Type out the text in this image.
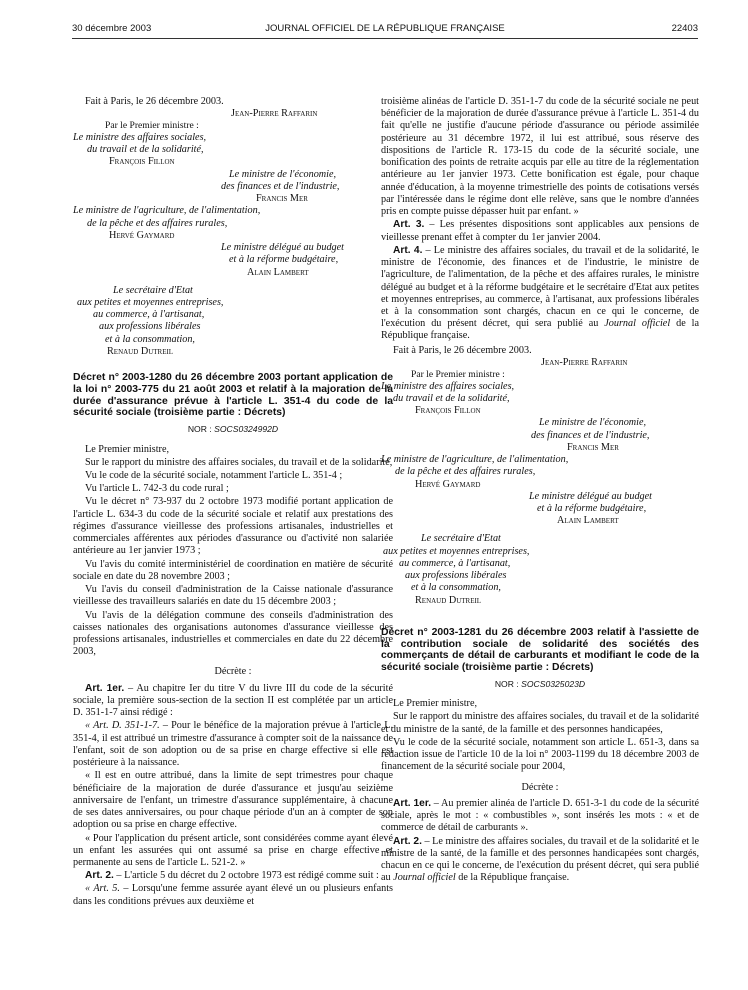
30 décembre 2003	JOURNAL OFFICIEL DE LA RÉPUBLIQUE FRANÇAISE	22403

Fait à Paris, le 26 décembre 2003.

Jean-Pierre Raffarin

Par le Premier ministre :

Le ministre des affaires sociales,

du travail et de la solidarité,

François Fillon

Le ministre de l'économie,

des finances et de l'industrie,

Francis Mer

Le ministre de l'agriculture, de l'alimentation,

de la pêche et des affaires rurales,

Hervé Gaymard

Le ministre délégué au budget

et à la réforme budgétaire,

Alain Lambert

Le secrétaire d'Etat

aux petites et moyennes entreprises,

au commerce, à l'artisanat,

aux professions libérales

et à la consommation,

Renaud Dutreil

Décret n° 2003-1280 du 26 décembre 2003 portant application de la loi n° 2003-775 du 21 août 2003 et relatif à la majoration de la durée d'assurance prévue à l'article L. 351-4 du code de la sécurité sociale (troisième partie : Décrets)

NOR : SOCS0324992D

Le Premier ministre,

Sur le rapport du ministre des affaires sociales, du travail et de la solidarité,

Vu le code de la sécurité sociale, notamment l'article L. 351-4 ;

Vu l'article L. 742-3 du code rural ;

Vu le décret n° 73-937 du 2 octobre 1973 modifié portant application de l'article L. 634-3 du code de la sécurité sociale et relatif aux prestations des régimes d'assurance vieillesse des professions artisanales, industrielles et commerciales afférentes aux périodes d'assurance ou d'activité non salariée antérieure au 1er janvier 1973 ;

Vu l'avis du comité interministériel de coordination en matière de sécurité sociale en date du 28 novembre 2003 ;

Vu l'avis du conseil d'administration de la Caisse nationale d'assurance vieillesse des travailleurs salariés en date du 15 décembre 2003 ;

Vu l'avis de la délégation commune des conseils d'administration des caisses nationales des organisations autonomes d'assurance vieillesse des professions artisanales, industrielles et commerciales en date du 22 décembre 2003,

Décrète :

Art. 1er. – Au chapitre Ier du titre V du livre III du code de la sécurité sociale, la première sous-section de la section II est complétée par un article D. 351-1-7 ainsi rédigé :

« Art. D. 351-1-7. – Pour le bénéfice de la majoration prévue à l'article L. 351-4, il est attribué un trimestre d'assurance à compter soit de la naissance de l'enfant, soit de son adoption ou de sa prise en charge effective si elle est postérieure à la naissance.

« Il est en outre attribué, dans la limite de sept trimestres pour chaque bénéficiaire de la majoration de durée d'assurance et jusqu'au seizième anniversaire de l'enfant, un trimestre d'assurance supplémentaire, à chacune de ses dates anniversaires, ou pour chaque période d'un an à compter de son adoption ou sa prise en charge effective.

« Pour l'application du présent article, sont considérées comme ayant élevé un enfant les assurées qui ont assumé sa prise en charge effective et permanente au sens de l'article L. 521-2. »

Art. 2. – L'article 5 du décret du 2 octobre 1973 est rédigé comme suit :

« Art. 5. – Lorsqu'une femme assurée ayant élevé un ou plusieurs enfants dans les conditions prévues aux deuxième et

troisième alinéas de l'article D. 351-1-7 du code de la sécurité sociale ne peut bénéficier de la majoration de durée d'assurance prévue à l'article L. 351-4 du fait qu'elle ne justifie d'aucune période d'assurance ou période assimilée postérieure au 31 décembre 1972, il lui est attribué, sous réserve des dispositions de l'article R. 173-15 du code de la sécurité sociale, une bonification des points de retraite acquis par elle au titre de la réglementation antérieure au 1er janvier 1973. Cette bonification est égale, pour chaque année d'éducation, à la moyenne trimestrielle des points de cotisations versés par l'intéressée dans le régime dont elle relève, sans que le nombre d'années pris en compte puisse dépasser huit par enfant. »

Art. 3. – Les présentes dispositions sont applicables aux pensions de vieillesse prenant effet à compter du 1er janvier 2004.

Art. 4. – Le ministre des affaires sociales, du travail et de la solidarité, le ministre de l'économie, des finances et de l'industrie, le ministre de l'agriculture, de l'alimentation, de la pêche et des affaires rurales, le ministre délégué au budget et à la réforme budgétaire et le secrétaire d'Etat aux petites et moyennes entreprises, au commerce, à l'artisanat, aux professions libérales et à la consommation sont chargés, chacun en ce qui le concerne, de l'exécution du présent décret, qui sera publié au Journal officiel de la République française.

Fait à Paris, le 26 décembre 2003.

Jean-Pierre Raffarin

Par le Premier ministre :

Le ministre des affaires sociales,

du travail et de la solidarité,

François Fillon

Le ministre de l'économie,

des finances et de l'industrie,

Francis Mer

Le ministre de l'agriculture, de l'alimentation,

de la pêche et des affaires rurales,

Hervé Gaymard

Le ministre délégué au budget

et à la réforme budgétaire,

Alain Lambert

Le secrétaire d'Etat

aux petites et moyennes entreprises,

au commerce, à l'artisanat,

aux professions libérales

et à la consommation,

Renaud Dutreil

Décret n° 2003-1281 du 26 décembre 2003 relatif à l'assiette de la contribution sociale de solidarité des sociétés des commerçants de détail de carburants et modifiant le code de la sécurité sociale (troisième partie : Décrets)

NOR : SOCS0325023D

Le Premier ministre,

Sur le rapport du ministre des affaires sociales, du travail et de la solidarité et du ministre de la santé, de la famille et des personnes handicapées,

Vu le code de la sécurité sociale, notamment son article L. 651-3, dans sa rédaction issue de l'article 10 de la loi n° 2003-1199 du 18 décembre 2003 de financement de la sécurité sociale pour 2004,

Décrète :

Art. 1er. – Au premier alinéa de l'article D. 651-3-1 du code de la sécurité sociale, après le mot : « combustibles », sont insérés les mots : « et de commerce de détail de carburants ».

Art. 2. – Le ministre des affaires sociales, du travail et de la solidarité et le ministre de la santé, de la famille et des personnes handicapées sont chargés, chacun en ce qui le concerne, de l'exécution du présent décret, qui sera publié au Journal officiel de la République française.
